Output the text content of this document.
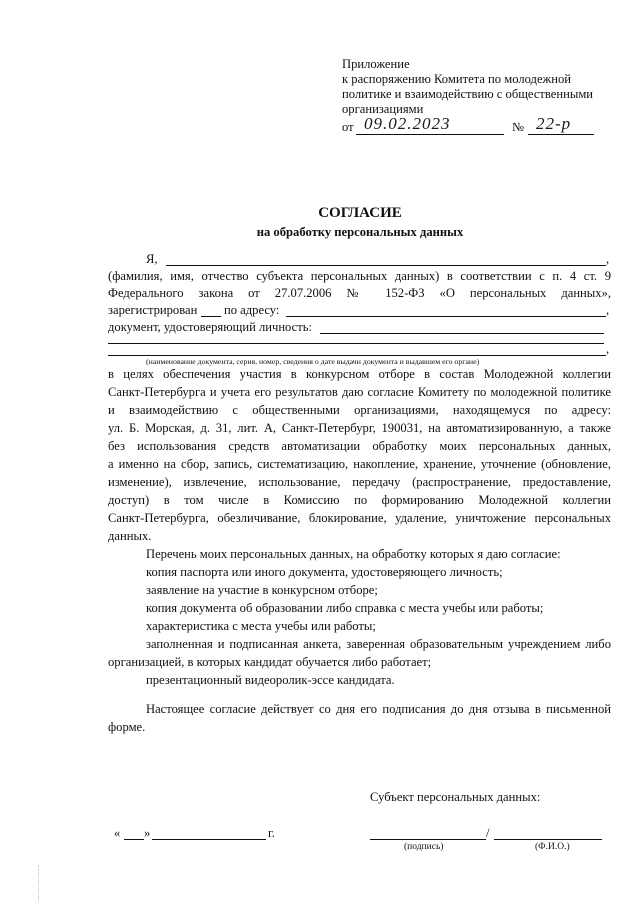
Приложение
к распоряжению Комитета по молодежной
политике и взаимодействию с общественными
организациями
от 09.02.2023	№ 22-р
СОГЛАСИЕ
на обработку персональных данных
Я,	,
(фамилия, имя, отчество субъекта персональных данных) в соответствии с п. 4 ст. 9
Федерального закона от 27.07.2006 № 152-ФЗ «О персональных данных»,
зарегистрирован по адресу:	,
документ, удостоверяющий личность:
,
(наименование документа, серия, номер, сведения о дате выдачи документа и выдавшем его органе)
в целях обеспечения участия в конкурсном отборе в состав Молодежной коллегии
Санкт-Петербурга и учета его результатов даю согласие Комитету по молодежной политике
и взаимодействию с общественными организациями, находящемуся по адресу:
ул. Б. Морская, д. 31, лит. А, Санкт-Петербург, 190031, на автоматизированную, а также
без использования средств автоматизации обработку моих персональных данных,
а именно на сбор, запись, систематизацию, накопление, хранение, уточнение (обновление,
изменение), извлечение, использование, передачу (распространение, предоставление,
доступ) в том числе в Комиссию по формированию Молодежной коллегии
Санкт-Петербурга, обезличивание, блокирование, удаление, уничтожение персональных
данных.
Перечень моих персональных данных, на обработку которых я даю согласие:
копия паспорта или иного документа, удостоверяющего личность;
заявление на участие в конкурсном отборе;
копия документа об образовании либо справка с места учебы или работы;
характеристика с места учебы или работы;
заполненная и подписанная анкета, заверенная образовательным учреждением либо
организацией, в которых кандидат обучается либо работает;
презентационный видеоролик-эссе кандидата.
Настоящее согласие действует со дня его подписания до дня отзыва в письменной
форме.
Субъект персональных данных:
« »	г.	/
(подпись)	(Ф.И.О.)
